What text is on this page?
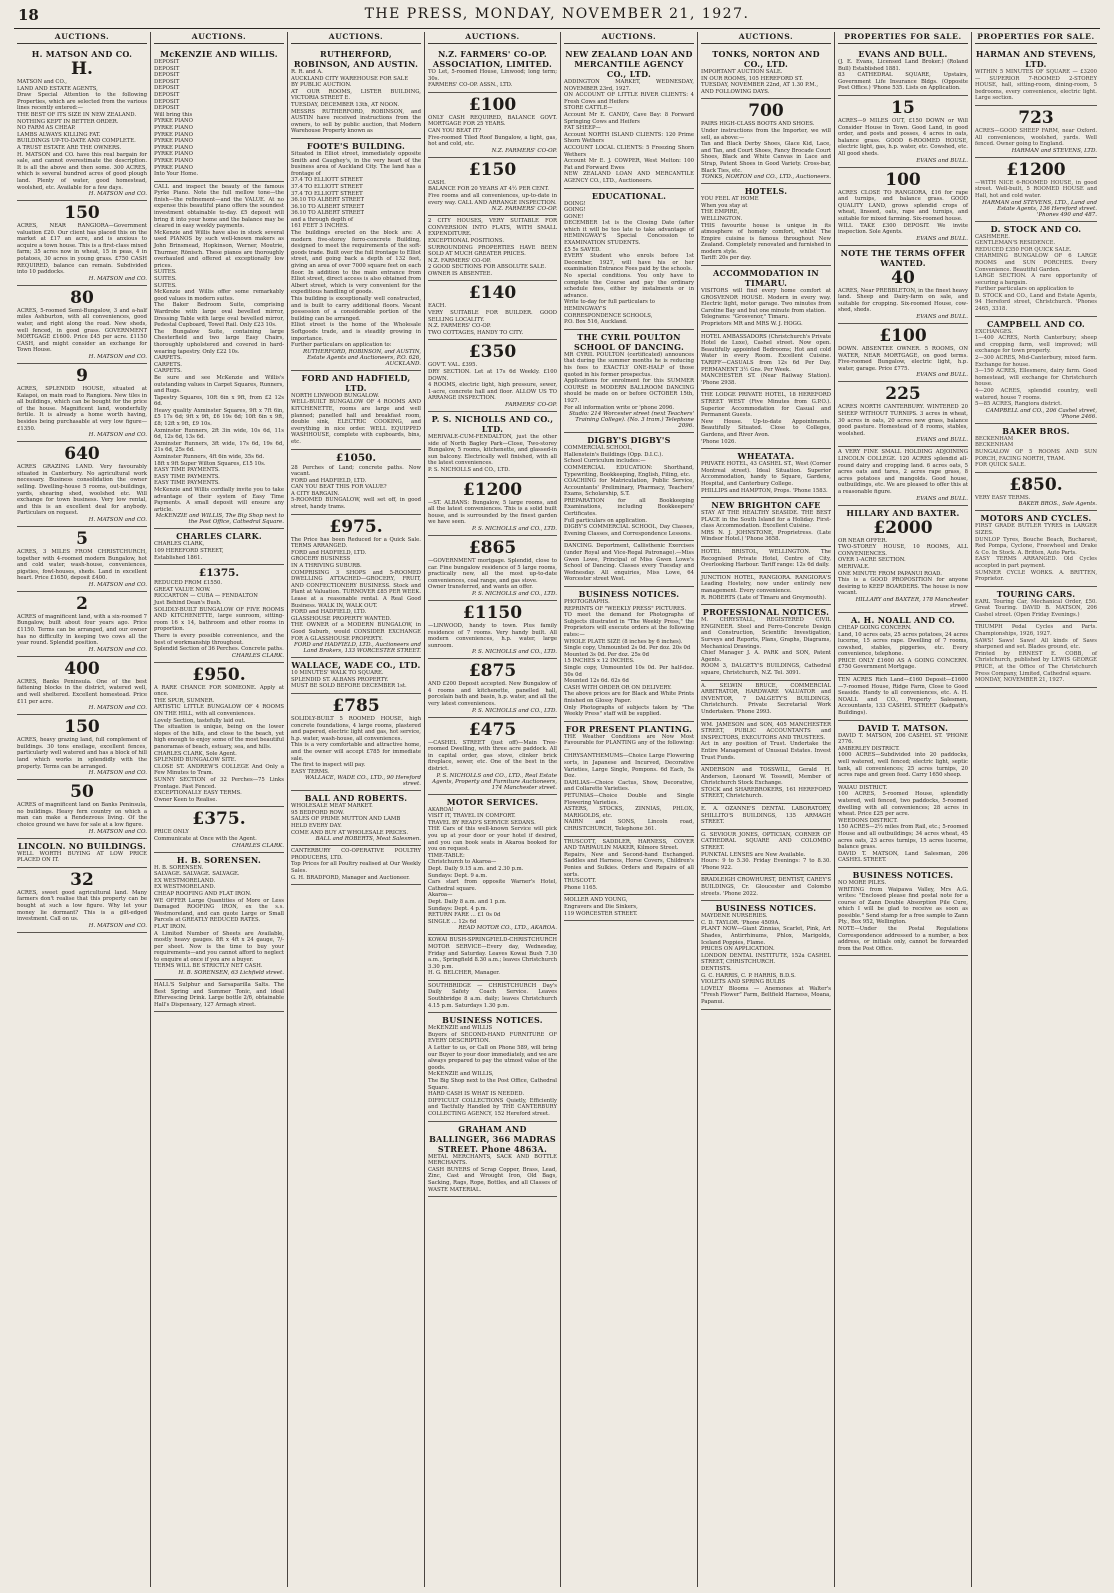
18	THE PRESS, MONDAY, NOVEMBER 21, 1927.
AUCTIONS.
H. MATSON AND CO.
H.
MATSON and CO.,
LAND AND ESTATE AGENTS,
Draw Special Attention to the following Properties, which are selected from the various lines recently entered:—
THE BEST OF ITS SIZE IN NEW ZEALAND.
NOTHING KEPT IN BETTER ORDER.
NO FARM AS CHEAP.
LAMBS ALWAYS KILLING FAT.
BUILDINGS UP-TO-DATE AND COMPLETE.
A TRUST ESTATE ARE THE OWNERS.
H. MATSON and CO. have this real bargain for sale, and cannot overestimate the description. It is all the above and then some. 300 ACRES, which is several hundred acres of good plough land. Plenty of water, good homestead, woolshed, etc. Available for a few days.
H. MATSON and CO.
150
ACRES, NEAR RANGIORA—Government valuation £20. Our client has placed this on the market at £17 an acre, and is anxious to acquire a town house. This is a first-class mixed farm; 35 acres now in wheat, 15 in peas, 4 in potatoes, 30 acres in young grass. £750 CASH REQUIRED, balance can remain. Subdivided into 10 paddocks.
H. MATSON and CO.
80
ACRES, 5-roomed Semi-Bungalow, 3 and a-half miles Ashburton, with all conveniences, good water, and right along the road. New sheds, well fenced, in good grass. GOVERNMENT MORTGAGE £1600. Price £45 per acre. £1150 CASH, and might consider an exchange for Town House.
H. MATSON and CO.
9
ACRES, SPLENDID HOUSE, situated at Kaiapoi, on main road to Rangiora. New tiles in all buildings, which can be bought for the price of the house. Magnificent land, wonderfully fertile. It is already a home worth having, besides being purchasable at very low figure—£1350.
H. MATSON and CO.
640
ACRES GRAZING LAND. Very favourably situated in Canterbury. No agricultural work necessary. Business consolidation the owner selling. Dwelling-house 5 rooms, out-buildings, yards, shearing shed, woolshed etc. Will exchange for town business. Very low rental, and this is an excellent deal for anybody. Particulars on request.
H. MATSON and CO.
5
ACRES, 3 MILES FROM CHRISTCHURCH, together with 4-roomed modern Bungalow, hot and cold water, wash-house, conveniences, pigsties, fowl-houses, sheds. Land in excellent heart. Price £1650, deposit £400.
H. MATSON and CO.
2
ACRES of magnificent land, with a six-roomed 7 Bungalow, built about four years ago. Price £1150. Terms can be arranged, and our owner has no difficulty in keeping two cows all the year round. Splendid position.
H. MATSON and CO.
400
ACRES, Banks Peninsula. One of the best fattening blocks in the district, watered well, and well sheltered. Excellent homestead. Price £11 per acre.
H. MATSON and CO.
150
ACRES, heavy grazing land, full complement of buildings. 30 tons ensilage, excellent fences, particularly well watered and has a block of hill land which works in splendidly with the property. Terms can be arranged.
H. MATSON and CO.
50
ACRES of magnificent land on Banks Peninsula, no buildings. Heavy fern country on which a man can make a Rendezvous living. Of the choice ground we have for sale at a low figure.
H. MATSON and CO.
LINCOLN. NO BUILDINGS.
WELL WORTH BUYING AT LOW PRICE PLACED ON IT.
32
ACRES, sweet good agricultural land. Many farmers don't realise that this property can be bought at such a low figure. Why let your money lie dormant? This is a gilt-edged investment. Call on us.
H. MATSON and CO.
AUCTIONS.
McKENZIE AND WILLIS.
DEPOSIT
DEPOSIT
DEPOSIT
DEPOSIT
DEPOSIT
DEPOSIT
DEPOSIT
DEPOSIT
Will bring this
PYRKE PIANO
PYRKE PIANO
PYRKE PIANO
PYRKE PIANO
PYRKE PIANO
PYRKE PIANO
PYRKE PIANO
PYRKE PIANO
Into Your Home.
CALL and inspect the beauty of the famous Pyrke Piano. Note the full mellow tone—the finish—the refinement—and the VALUE. At no expense this beautiful piano offers the soundest investment obtainable to-day. £5 deposit will bring it into your home and the balance may be cleared in easy weekly payments.
McKenzie and Willis have also in stock several used PIANOS by such well-known makers as John Brinsmead, Hopkinson, Werner, Moutrie, Thurmer, Rönisch. These pianos are thoroughly overhauled and offered at exceptionally low prices.
SUITES.
SUITES.
SUITES.
McKenzie and Willis offer some remarkably good values in modern suites.
The Baker Bedroom Suite, comprising Wardrobe with large oval bevelled mirror, Dressing Table with large oval bevelled mirror, Pedestal Cupboard, Towel Rail. Only £23 10s.
The Bungalow Suite, containing large Chesterfield and two large Easy Chairs, thoroughly upholstered and covered in hard-wearing tapestry. Only £22 10s.
CARPETS.
CARPETS.
CARPETS.
Be sure and see McKenzie and Willis's outstanding values in Carpet Squares, Runners, and Rugs.
Tapestry Squares, 10ft 6in x 9ft, from £2 12s 6d.
Heavy quality Axminster Squares, 9ft x 7ft 6in, £5 17s 6d; 9ft x 9ft, £6 19s 6d; 10ft 6in x 9ft, £8; 12ft x 9ft, £9 10s.
Axminster Runners, 2ft 3in wide, 10s 6d, 11s 6d, 12s 6d, 13s 6d.
Axminster Runners, 3ft wide, 17s 6d, 19s 6d, 21s 6d, 25s 6d.
Axminster Runners, 4ft 6in wide, 35s 6d.
18ft x 9ft Super Wilton Squares, £15 10s.
EASY TIME PAYMENTS.
EASY TIME PAYMENTS.
EASY TIME PAYMENTS.
McKenzie and Willis cordially invite you to take advantage of their system of Easy Time Payments. A small deposit will ensure any article.
McKENZIE and WILLIS, The Big Shop next to the Post Office, Cathedral Square.
CHARLES CLARK.
CHARLES CLARK,
109 HEREFORD STREET,
Established 1861.
£1375.
REDUCED FROM £1550.
GREAT VALUE NOW.
RICCARTON — CUBA — FENDALTON
Just Behind Dean's Bush.
SOLIDLY-BUILT BUNGALOW OF FIVE ROOMS AND KITCHENETTE, large sunroom, sitting-room 16 x 14, bathroom and other rooms in proportion.
There is every possible convenience, and the best of workmanship throughout.
Splendid Section of 36 Perches. Concrete paths.
CHARLES CLARK.
£950.
A RARE CHANCE FOR SOMEONE. Apply at once.
THE SPUR, SUMNER.
ARTISTIC LITTLE BUNGALOW OF 4 ROOMS ON THE HILL, with all conveniences.
Lovely Section, tastefully laid out.
The situation is unique, being on the lower slopes of the hills, and close to the beach, yet high enough to enjoy some of the most beautiful panoramas of beach, estuary, sea, and hills.
CHARLES CLARK, Sole Agent.
SPLENDID BUNGALOW SITE.
CLOSE ST. ANDREW'S COLLEGE And Only a Few Minutes to Tram.
SUNNY SECTION of 32 Perches—75 Links Frontage. Fast Fenced.
EXCEPTIONALLY EASY TERMS.
Owner Keen to Realise.
£375.
PRICE ONLY
Communicate at Once with the Agent.
CHARLES CLARK.
H. B. SORENSEN.
H. B. SORENSEN.
SALVAGE. SALVAGE. SALVAGE.
EX WESTMORELAND.
EX WESTMORELAND.
CHEAP ROOFING AND FLAT IRON.
WE OFFER Large Quantities of More or Less Damaged ROOFING IRON, ex the s.s. Westmoreland, and can quote Large or Small Parcels at GREATLY REDUCED RATES.
FLAT IRON.
A Limited Number of Sheets are Available, mostly heavy gauges. 8ft x 4ft x 24 gauge, 7/- per sheet. Now is the time to buy your requirements—and you cannot afford to neglect to enquire at once if you are a buyer.
TERMS WILL BE STRICTLY NET CASH.
H. B. SORENSEN, 63 Lichfield street.
HALL'S Sulphur and Sarsaparilla Salts. The Best Spring and Summer Tonic, and ideal Effervescing Drink. Large bottle 2/6, obtainable Hall's Dispensary, 127 Armagh street.
AUCTIONS.
RUTHERFORD, ROBINSON, AND AUSTIN.
R. R. and A.
AUCKLAND CITY WAREHOUSE FOR SALE
BY PUBLIC AUCTION.
AT OUR ROOMS, LISTER BUILDING, VICTORIA STREET E.
TUESDAY, DECEMBER 13th, AT NOON.
MESSRS RUTHERFORD, ROBINSON, and AUSTIN have received instructions from the owners, to sell by public auction, that Modern Warehouse Property known as
FOOTE'S BUILDING.
Situated in Elliot street, immediately opposite Smith and Caughey's, in the very heart of the business area of Auckland City. The land has a frontage of
37.4 TO ELLIOTT STREET
37.4 TO ELLIOTT STREET
37.4 TO ELLIOTT STREET
36.10 TO ALBERT STREET
36.10 TO ALBERT STREET
36.10 TO ALBERT STREET
and a through depth of
161 FEET 3 INCHES.
The buildings erected on the block are: A modern five-storey ferro-concrete Building, designed to meet the requirements of the soft-goods trade. Built over the full frontage to Elliot street, and going back a depth of 132 feet, giving an area of over 7000 square feet on each floor. In addition to the main entrance from Elliot street, direct access is also obtained from Albert street, which is very convenient for the expeditious handling of goods.
This building is exceptionally well constructed, and is built to carry additional floors. Vacant possession of a considerable portion of the building can be arranged.
Elliot street is the home of the Wholesale Softgoods trade, and is steadily growing in importance.
Further particulars on application to:
RUTHERFORD, ROBINSON, and AUSTIN, Estate Agents and Auctioneers, P.O. 626, AUCKLAND.
FORD AND HADFIELD, LTD.
NORTH LINWOOD BUNGALOW.
WELL-BUILT BUNGALOW OF 4 ROOMS AND KITCHENETTE, rooms are large and well planned; panelled hall and breakfast room, double sink, ELECTRIC COOKING, and everything in nice order. WELL EQUIPPED WASHHOUSE, complete with cupboards, bins, etc.
£1050.
28 Perches of Land; concrete paths. Now vacant.
FORD and HADFIELD, LTD.
CAN YOU BEAT THIS FOR VALUE?
A CITY BARGAIN.
5-ROOMED BUNGALOW, well set off, in good street, handy trams.
£975.
The Price has been Reduced for a Quick Sale. TERMS ARRANGED.
FORD and HADFIELD, LTD.
GROCERY BUSINESS
IN A THRIVING SUBURB.
COMPRISING 3 SHOPS and 5-ROOMED DWELLING ATTACHED—GROCERY, FRUIT, AND CONFECTIONERY BUSINESS. Stock and Plant at Valuation. TURNOVER £85 PER WEEK. Lease at a reasonable rental. A Real Good Business. WALK IN, WALK OUT.
FORD and HADFIELD, LTD.
GLASSHOUSE PROPERTY WANTED.
THE OWNER of a MODERN BUNGALOW, in Good Suburb, would CONSIDER EXCHANGE FOR A GLASSHOUSE PROPERTY.
FORD and HADFIELD, LTD., Auctioneers and Land Brokers, 133 WORCESTER STREET.
WALLACE, WADE CO., LTD.
10 MINUTES' WALK TO SQUARE.
SPLENDID ST. ALBANS PROPERTY.
MUST BE SOLD BEFORE DECEMBER 1st.
£785
SOLIDLY-BUILT 5 ROOMED HOUSE, high concrete foundations, 4 large rooms, plastered and papered, electric light and gas, hot service, h.p. water, wash-house, all conveniences.
This is a very comfortable and attractive home, and the owner will accept £785 for immediate sale.
The first to inspect will pay.
EASY TERMS.
WALLACE, WADE CO., LTD., 90 Hereford street.
BALL AND ROBERTS.
WHOLESALE MEAT MARKET.
95 BEDFORD ROW.
SALES OF PRIME MUTTON AND LAMB
HELD EVERY DAY.
COME AND BUY AT WHOLESALE PRICES.
BALL and ROBERTS, Meat Salesmen.
CANTERBURY CO-OPERATIVE POULTRY PRODUCERS, LTD.
Top Prices for all Poultry realised at Our Weekly Sales.
G. H. BRADFORD, Manager and Auctioneer.
AUCTIONS.
N.Z. FARMERS' CO-OP. ASSOCIATION, LIMITED.
TO Let, 5-roomed House, Linwood; long term; 30s.
FARMERS' CO-OP. ASSN., LTD.
£100
ONLY CASH REQUIRED, BALANCE GOVT. MORTGAGE FOR 25 YEARS.
CAN YOU BEAT IT?
Five-roomed Tiled Roof Bungalow, a light, gas, hot and cold, etc.
N.Z. FARMERS' CO-OP.
£150
CASH.
BALANCE FOR 20 YEARS AT 4½ PER CENT.
Five rooms and all conveniences, up-to-date in every way. CALL AND ARRANGE INSPECTION.
N.Z. FARMERS' CO-OP.
2 CITY HOUSES, VERY SUITABLE FOR CONVERSION INTO FLATS, WITH SMALL EXPENDITURE.
EXCEPTIONAL POSITIONS.
SURROUNDING PROPERTIES HAVE BEEN SOLD AT MUCH GREATER PRICES.
N.Z. FARMERS' CO-OP.
2 GOOD SECTIONS FOR ABSOLUTE SALE.
OWNER IS ABSENTEE.
£140
EACH.
VERY SUITABLE FOR BUILDER. GOOD SELLING LOCALITY.
N.Z. FARMERS' CO-OP.
TWO COTTAGES, HANDY TO CITY.
£350
GOV'T. VAL. £395.
DRY SECTION. Let at 17s 6d Weekly. £100 DOWN.
4 ROOMS, electric light, high pressure, sewer, 1-acre, concrete hall and floor. ALLOW US TO ARRANGE INSPECTION.
FARMERS' CO-OP.
P. S. NICHOLLS AND CO., LTD.
MERIVALE-CUM-FENDALTON, just the other side of North Bagley Park—Close, Two-storey Bungalow, 5 rooms, kitchenette, and glassed-in sun balcony. Electrically well finished, with all the latest conveniences.
P. S. NICHOLLS and CO., LTD.
£1200
—ST. ALBANS: Bungalow, 5 large rooms, and all the latest conveniences. This is a solid built house, and is surrounded by the finest garden we have seen.
P. S. NICHOLLS and CO., LTD.
£865
—GOVERNMENT mortgage. Splendid, close to car. Fine bungalow residence of 5 large rooms, practically new, all the most up-to-date conveniences, coal range, and gas stove.
Owner transferred, and wants an offer.
P. S. NICHOLLS and CO., LTD.
£1150
—LINWOOD, handy to town. Plus family residence of 7 rooms. Very handy built. All modern conveniences, h.p. water, large sunroom.
P. S. NICHOLLS and CO., LTD.
£875
AND £200 Deposit accepted. New Bungalow of 4 rooms and kitchenette, panelled hall, porcelain bath and basin, h.p. water, and all the very latest conveniences.
P. S. NICHOLLS and CO., LTD.
£475
—CASHEL STREET (just off)—Main Tree-roomed Dwelling, with three acre paddock. All in capital order, gas stove, clinker brick fireplace, sewer, etc. One of the best in the district.
P. S. NICHOLLS and CO., LTD., Real Estate Agents, Property and Furniture Auctioneers, 174 Manchester street.
MOTOR SERVICES.
AKAROA!
VISIT IT, TRAVEL IN COMFORT.
TRAVEL BY READ'S SERVICE SEDANS.
THE Cars of this well-known Service will pick you up at your door or your hotel if desired, and you can book seats in Akaroa booked for you on request.
TIME-TABLE:
Christchurch to Akaroa—
Dept. Daily 9.15 a.m. and 2.30 p.m.
Sundays: Dept. 9 a.m.
Cars start from opposite Warner's Hotel, Cathedral square.
Akaroa—
Dept. Daily 8 a.m. and 1 p.m.
Sundays: Dept. 4 p.m.
RETURN FARE ... £1 0s 0d
SINGLE ... 12s 6d
READ MOTOR CO., LTD., AKAROA.
KOWAI BUSH-SPRINGFIELD-CHRISTCHURCH MOTOR SERVICE—Every day, Wednesday, Friday and Saturday. Leaves Kowai Bush 7.30 a.m., Springfield 8.30 a.m.; leaves Christchurch 3.30 p.m.
H. G. BELCHER, Manager.
SOUTHBRIDGE — CHRISTCHURCH Day's Daily Safety Coach Service. Leaves Southbridge 8 a.m. daily; leaves Christchurch 4.15 p.m. Saturdays 1.30 p.m.
BUSINESS NOTICES.
McKENZIE and WILLIS
Buyers of SECOND-HAND FURNITURE OF EVERY DESCRIPTION.
A Letter to us, or Call on Phone 589, will bring our Buyer to your door immediately, and we are always prepared to pay the utmost value of the goods.
McKENZIE and WILLIS,
The Big Shop next to the Post Office, Cathedral Square.
HARD CASH IS WHAT IS NEEDED.
DIFFICULT COLLECTIONS Quietly, Efficiently and Tactfully Handled by THE CANTERBURY COLLECTING AGENCY, 152 Hereford street.
GRAHAM AND BALLINGER, 366 MADRAS STREET. Phone 4863A.
METAL MERCHANTS, SACK AND BOTTLE MERCHANTS.
CASH BUYERS of Scrap Copper, Brass, Lead, Zinc, Cast and Wrought Iron, Old Bags, Sacking, Rags, Rope, Bottles, and all Classes of WASTE MATERIAL.
AUCTIONS.
NEW ZEALAND LOAN AND MERCANTILE AGENCY CO., LTD.
ADDINGTON MARKET, WEDNESDAY, NOVEMBER 23rd, 1927.
ON ACCOUNT OF LITTLE RIVER CLIENTS: 4 Fresh Cows and Heifers
STORE CATTLE—
Account Mr E. CANDY, Cave Bay: 8 Forward Springing Cows and Heifers
FAT SHEEP—
Account NORTH ISLAND CLIENTS: 120 Prime Shorn Wethers
ACCOUNT LOCAL CLIENTS: 5 Freezing Shorn Wethers
Account Mr E. J. COWPER, West Melton: 100 Fat and Forward Ewes
NEW ZEALAND LOAN AND MERCANTILE AGENCY CO., LTD., Auctioneers.
EDUCATIONAL.
DOING!
GOING!
GONE!
DECEMBER 1st is the Closing Date (after which it will be too late to take advantage of HEMINGWAY'S Special Concession to EXAMINATION STUDENTS.
£5 5s SAVED.
EVERY Student who enrols before 1st December, 1927, will have his or her examination Entrance Fees paid by the schools.
No special conditions. You only have to complete the Course and pay the ordinary schedule fees, either by instalments or in advance.
Write to-day for full particulars to
HEMINGWAY'S
CORRESPONDENCE SCHOOLS,
P.O. Box 516, Auckland.
THE CYRIL POULTON SCHOOL OF DANCING.
MR CYRIL POULTON (certificated) announces that during the summer months he is reducing his fees to EXACTLY ONE-HALF of those quoted in his former prospectus.
Applications for enrolment for this SUMMER COURSE in MODERN BALLROOM DANCING should be made on or before OCTOBER 15th, 1927.
For all information write or 'phone 2096.
Studio: 214 Worcester street (next Teachers' Training College). (No. 3 tram.) Telephone 2096.
DIGBY'S DIGBY'S
COMMERCIAL SCHOOL,
Hallenstein's Buildings (Opp. D.I.C.).
School Curriculum includes:—
COMMERCIAL EDUCATION: Shorthand, Typewriting, Bookkeeping, English, Filing, etc.
COACHING for Matriculation, Public Service, Accountants' Preliminary, Pharmacy, Teachers' Exams, Scholarship, S.T.
PREPARATION for all Bookkeeping Examinations, including Bookkeepers' Certificates.
Full particulars on application.
DIGBY'S COMMERCIAL SCHOOL, Day Classes, Evening Classes, and Correspondence Lessons.
DANCING. Deportment, Callisthenic Exercises (under Royal and Vice-Regal Patronage).—Miss Gwen Lowe, Principal of Miss Gwen Lowe's School of Dancing. Classes every Tuesday and Wednesday. All enquiries, Miss Lowe, 64 Worcester street West.
BUSINESS NOTICES.
PHOTOGRAPHS.
REPRINTS OF "WEEKLY PRESS" PICTURES.
TO meet the demand for Photographs of Subjects illustrated in "The Weekly Press," the Proprietors will execute orders at the following rates:—
WHOLE PLATE SIZE (8 inches by 6 inches).
Single copy, Unmounted 2s 0d. Per doz. 20s 0d
Mounted 3s 0d. Per doz. 25s 0d
15 INCHES x 12 INCHES.
Single copy, Unmounted 10s 0d. Per half-doz. 50s 0d
Mounted 12s 6d. 62s 6d
CASH WITH ORDER OR ON DELIVERY.
The above prices are for Black and White Prints finished on Glossy Paper.
Only Photographs of subjects taken by "The Weekly Press" staff will be supplied.
FOR PRESENT PLANTING.
THE Weather Conditions are Now Most Favourable for PLANTING any of the following:—
CHRYSANTHEMUMS—Choice Large Flowering sorts, in Japanese and Incurved, Decorative Varieties, Large Single, Pompons. 6d Each, 5s Doz.
DAHLIAS—Choice Cactus, Show, Decorative, and Collarette Varieties.
PETUNIAS—Choice Double and Single Flowering Varieties.
ASTERS, STOCKS, ZINNIAS, PHLOX, MARIGOLDS, etc.
NAIRN and SONS, Lincoln road, CHRISTCHURCH, Telephone 361.
TRUSCOTT, SADDLER, HARNESS, COVER AND TARPAULIN MAKER, Kilmore Street.
Repairs, New and Second-hand Exchanged. Saddles and Harness, Horse Covers, Children's Ponies and Sulkies. Orders and Repairs of all sorts.
TRUSCOTT.
Phone 1165.
MOLLER AND YOUNG,
Engravers and Die Sinkers,
119 WORCESTER STREET.
AUCTIONS.
TONKS, NORTON AND CO., LTD.
IMPORTANT AUCTION SALE.
IN OUR ROOMS, 105 HEREFORD ST.
TUESDAY, NOVEMBER 22nd, AT 1.30 P.M.,
AND FOLLOWING DAYS.
700
PAIRS HIGH-CLASS BOOTS AND SHOES.
Under instructions from the Importer, we will sell, as above:—
Tan and Black Derby Shoes, Glace Kid, Lace, and Tan, and Court Shoes, Fancy Brocade Court Shoes, Black and White Canvas in Lace and Strap, Patent Shoes in Good Variety. Cross-bar, Black Ties, etc.
TONKS, NORTON and CO., LTD., Auctioneers.
HOTELS.
YOU FEEL AT HOME
When you stay at
THE EMPIRE,
WELLINGTON.
THIS favourite house is unique in its atmosphere of homely comfort, whilst The Empire cuisine is famous throughout New Zealand. Completely renovated and furnished in modern style.
Tariff: 20s per day.
ACCOMMODATION IN TIMARU.
VISITORS will find every home comfort at GROSVENOR HOUSE. Modern in every way. Electric light, motor garage. Two minutes from Caroline Bay and but one minute from station.
Telegrams: "Grosvenor," Timaru.
Proprietors MR and MRS W. J. HOGG.
HOTEL AMBASSADORS (Christchurch's Private Hotel de Luxe), Cashel street. Now open. Beautifully appointed Bedrooms; Hot and cold Water in every Room. Excellent Cuisine. TARIFF—CASUALS from 12s 6d Per Day. PERMANENT 3½ Gns. Per Week.
MANCHESTER ST. (Near Railway Station). 'Phone 2938.
THE LODGE PRIVATE HOTEL, 18 HEREFORD STREET WEST (Five Minutes from G.P.O.). Superior Accommodation for Casual and Permanent Guests.
New House. Up-to-date Appointments. Beautifully Situated. Close to Colleges, Gardens, and River Avon.
'Phone 1026.
WHEATATA.
PRIVATE HOTEL, 43 CASHEL ST., West (Corner Montreal street). Ideal Situation. Superior Accommodation, handy to Square, Gardens, Hospital, and Canterbury College.
PHILLIPS and HAMPTON, Props. 'Phone 1583.
NEW BRIGHTON CAFE
STAY AT THE HEALTHY SEASIDE. THE BEST PLACE in the South Island for a Holiday. First-class Accommodation. Excellent Cuisine.
MRS N. J. JOHNSTONE, Proprietress. (Late Windsor Hotel.) 'Phone 3658.
HOTEL BRISTOL, WELLINGTON. The Recognised Private Hotel, Centre of City, Overlooking Harbour. Tariff range: 12s 6d daily.
JUNCTION HOTEL, RANGIORA. RANGIORA'S Leading Hostelry, now under entirely new management. Every convenience.
R. ROBERTS (Late of Timaru and Greymouth).
PROFESSIONAL NOTICES.
M. CHRYSTALL, REGISTERED CIVIL ENGINEER. Steel and Ferro-Concrete Design and Construction, Scientific Investigation, Surveys and Reports, Plans, Graphs, Diagrams, Mechanical Drawings.
Chief Manager J. A. PARK and SON, Patent Agents.
ROOM 3, DALGETY'S BUILDINGS, Cathedral square, Christchurch, N.Z. Tel. 3091.
A. SELWIN BRUCE, COMMERCIAL ARBITRATOR, HARDWARE VALUATOR and INVENTOR, 7 DALGETY'S BUILDINGS, Christchurch. Private Secretarial Work Undertaken. 'Phone 2993.
WM. JAMESON and SON, 405 MANCHESTER STREET, PUBLIC ACCOUNTANTS and INSPECTORS, EXECUTORS AND TRUSTEES.
Act in any position of Trust. Undertake the Entire Management of Unusual Estates. Invest Trust Funds.
ANDERSON and TOSSWILL, Gerald H. Anderson, Leonard W. Tosswill, Member of Christchurch Stock Exchange.
STOCK and SHAREBROKERS, 161 HEREFORD STREET, Christchurch.
E. A. OZANNE'S DENTAL LABORATORY, SHILLITO'S BUILDINGS, 135 ARMAGH STREET.
G. SEVIOUR JONES, OPTICIAN, CORNER OF CATHEDRAL SQUARE AND COLOMBO STREET.
PUNKTAL LENSES are New Available.
Hours: 9 to 5.30. Friday Evenings: 7 to 8.30. 'Phone 922.
BRADLEIGH CROWHURST, DENTIST, CAREY'S BUILDINGS, Cr. Gloucester and Colombo streets. 'Phone 2022.
BUSINESS NOTICES.
MAYDENE NURSERIES.
C. D. TAYLOR. 'Phone 4509A.
PLANT NOW—Giant Zinnias, Scarlet, Pink, Art Shades, Antirrhinums, Phlox, Marigolds, Iceland Poppies, Flame.
PRICES ON APPLICATION.
LONDON DENTAL INSTITUTE, 152a CASHEL STREET, CHRISTCHURCH.
DENTISTS.
G. C. HARRIS, C. P. HARRIS, B.D.S.
VIOLETS AND SPRING BULBS
LOVELY Blooms — Anemones at Walter's "Fresh Flower" Farm, Beltfield Harness, Moana, Papanui.
PROPERTIES FOR SALE.
EVANS AND BULL.
(J. E. Evans, Licensed Land Broker.) (Roland Bull) Established 1881.
83 CATHEDRAL SQUARE, Upstairs, Government Life Insurance Bldgs. (Opposite Post Office.) 'Phone 535. Lists on Application.
15
ACRES—9 MILES OUT, £150 DOWN or Will Consider House in Town. Good Land, in good order, and posts and posses, 4 acres in oats, balance grass. GOOD 6-ROOMED HOUSE, electric light, gas, h.p. water, etc. Cowshed, etc. All good sheds.
EVANS and BULL.
100
ACRES CLOSE TO RANGIORA, £16 for rape and turnips, and balance grass. GOOD QUALITY LAND, grows splendid crops of wheat, linseed, oats, rape and turnips, and suitable for mixed farming. Six-roomed house.
WILL TAKE £300 DEPOSIT. We invite inspection. Sole Agents.
EVANS and BULL.
NOTE THE TERMS OFFER WANTED.
40
ACRES, Near PREBBLETON, in the finest heavy land. Sheep and Dairy-farm on sale, and suitable for cropping. Six-roomed House, cow-shed, sheds.
EVANS and BULL.
£100
DOWN. ABSENTEE OWNER. 5 ROOMS, ON WATER, NEAR MORTGAGE, on good terms. Five-roomed Bungalow, electric light, h.p. water, garage. Price £775.
EVANS and BULL.
225
ACRES NORTH CANTERBURY. WINTERED 20 SHEEP WITHOUT TURNIPS. 3 acres in wheat, 30 acres in oats, 20 acres new grass, balance good pasture. Homestead of 8 rooms, stables, woolshed.
EVANS and BULL.
A VERY FINE SMALL HOLDING ADJOINING LINCOLN COLLEGE. 120 ACRES splendid all-round dairy and cropping land. 6 acres oats, 5 acres oats and tares, 2 acres rape grass, 8 acres potatoes and mangolds. Good house, outbuildings, etc. We are pleased to offer this at a reasonable figure.
EVANS and BULL.
HILLARY AND BAXTER.
£2000
OR NEAR OFFER.
TWO-STOREY HOUSE, 10 ROOMS, ALL CONVENIENCES.
OVER 1-ACRE SECTION.
MERIVALE.
ONE MINUTE FROM PAPANUI ROAD.
This is a GOOD PROPOSITION for anyone desiring to KEEP BOARDERS. The house is now vacant.
HILLARY and BAXTER, 178 Manchester street.
A. H. NOALL AND CO.
CHEAP GOING CONCERN.
Land, 10 acres oats, 25 acres potatoes, 24 acres lucerne, 15 acres rape. Dwelling of 7 rooms, cowshed, stables, piggeries, etc. Every convenience, telephone.
PRICE ONLY £1600 AS A GOING CONCERN. £750 Government Mortgage.
TEN ACRES Rich Land—£160 Deposit—£1600—7-roomed House, Ridge Farm, Close to Good Seaside. Handy to all conveniences, etc. A. H. NOALL and CO., Property Salesmen, Accountants, 133 CASHEL STREET (Kadpath's Buildings).
DAVID T. MATSON.
DAVID T. MATSON, 206 CASHEL ST. 'PHONE 2776.
AMBERLEY DISTRICT.
1000 ACRES—Subdivided into 20 paddocks, well watered, well fenced; electric light, septic tank, all conveniences; 25 acres turnips, 20 acres rape and green feed. Carry 1650 sheep.
WAIAU DISTRICT.
100 ACRES, 5-roomed House, splendidly watered, well fenced, two paddocks, 5-roomed dwelling with all conveniences; 28 acres in wheat. Price £25 per acre.
WEEDONS DISTRICT.
150 ACRES—2½ miles from Rail, etc.; 5-roomed House and all outbuildings; 34 acres wheat, 45 acres oats, 23 acres turnips, 15 acres lucerne, balance grass.
DAVID T. MATSON, Land Salesman, 206 CASHEL STREET.
BUSINESS NOTICES.
NO MORE PILES.
WRITING from Waipawa Valley, Mrs A.G. writes: "Enclosed please find postal note for a course of Zann Double Absorption Pile Cure, which I will be glad to receive as soon as possible." Send stamp for a free sample to Zann Pty., Box 952, Wellington.
NOTE—Under the Postal Regulations Correspondence addressed to a number, a box address, or initials only, cannot be forwarded from the Post Office.
PROPERTIES FOR SALE.
HARMAN AND STEVENS, LTD.
WITHIN 5 MINUTES OF SQUARE — £3200 — SUPERIOR 7-ROOMED 2-STOREY HOUSE, hall, sitting-room, dining-room, 5 bedrooms, every convenience, electric light. Large section.
723
ACRES—GOOD SHEEP FARM, near Oxford. All conveniences, woolshed, yards. Well fenced. Owner going to England.
HARMAN and STEVENS, LTD.
£1200
—WITH NICE 6-ROOMED HOUSE, in good street. Well-built, 5 ROOMED HOUSE and Hall, hot and cold water.
HARMAN and STEVENS, LTD., Land and Estate Agents, 136 Hereford street. 'Phones 490 and 487.
D. STOCK AND CO.
CASHMERE.
GENTLEMAN'S RESIDENCE.
REDUCED £350 FOR QUICK SALE.
CHARMING BUNGALOW OF 6 LARGE ROOMS and SUN PORCHES. Every Convenience. Beautiful Garden.
LARGE SECTION. A rare opportunity of securing a bargain.
Further particulars on application to
D. STOCK and CO., Land and Estate Agents, 94 Hereford street, Christchurch. 'Phones 2465, 3318.
CAMPBELL AND CO.
EXCHANGES.
1—400 ACRES, North Canterbury; sheep and cropping farm, well improved; will exchange for town property.
2—300 ACRES, Mid-Canterbury, mixed farm. Exchange for house.
3—150 ACRES, Ellesmere, dairy farm. Good homestead, will exchange for Christchurch house.
4—200 ACRES, splendid country, well watered, house 7 rooms.
5—85 ACRES, Rangiora district.
CAMPBELL and CO., 206 Cashel street, 'Phone 2466.
BAKER BROS.
BECKENHAM
BECKENHAM
BUNGALOW OF 5 ROOMS AND SUN PORCH, FACING NORTH, TRAM.
FOR QUICK SALE.
£850.
VERY EASY TERMS.
BAKER BROS., Sole Agents.
MOTORS AND CYCLES.
FIRST GRADE BUTLER TYRES in LARGER SIZES.
DUNLOP Tyres, Bouche Beach, Bucharest, Red Pompa, Cyclone, Freewheel and Drake & Co. In Stock. A. Britten, Auto Parts.
EASY TERMS ARRANGED. Old Cycles accepted in part payment.
SUMNER CYCLE WORKS. A. BRITTEN, Proprietor.
TOURING CARS.
EARL Touring Car, Mechanical Order, £50. Great Touring. DAVID B. MATSON, 206 Cashel street. (Open Friday Evenings.)
TRIUMPH Pedal Cycles and Parts. Championships, 1926, 1927.
SAWS! Saws! Saws! All kinds of Saws sharpened and set. Blades ground, etc.
Printed by ERNEST E. COBB, of Christchurch, published by LEWIS GEORGE PRICE, at the Office of The Christchurch Press Company, Limited, Cathedral square.
MONDAY, NOVEMBER 21, 1927.
